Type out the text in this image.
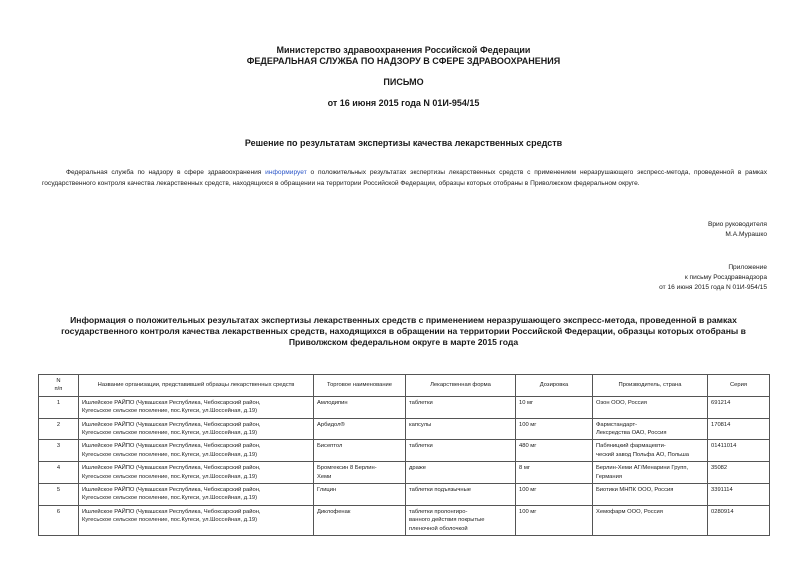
Министерство здравоохранения Российской Федерации
ФЕДЕРАЛЬНАЯ СЛУЖБА ПО НАДЗОРУ В СФЕРЕ ЗДРАВООХРАНЕНИЯ
ПИСЬМО
от 16 июня 2015 года N 01И-954/15
Решение по результатам экспертизы качества лекарственных средств
Федеральная служба по надзору в сфере здравоохранения информирует о положительных результатах экспертизы лекарственных средств с применением неразрушающего экспресс-метода, проведенной в рамках государственного контроля качества лекарственных средств, находящихся в обращении на территории Российской Федерации, образцы которых отобраны в Приволжском федеральном округе.
Врио руководителя
М.А.Мурашко
Приложение
к письму Росздравнадзора
от 16 июня 2015 года N 01И-954/15
Информация о положительных результатах экспертизы лекарственных средств с применением неразрушающего экспресс-метода, проведенной в рамках государственного контроля качества лекарственных средств, находящихся в обращении на территории Российской Федерации, образцы которых отобраны в Приволжском федеральном округе в марте 2015 года
N
п/п	Название организации, представившей образцы лекарственных средств	Торговое наименование	Лекарственная форма	Дозировка	Производитель, страна	Серия
1	Ишлейское РАЙПО (Чувашская Республика, Чебоксарский район,
Кугесьское сельское поселение, пос.Кугеси, ул.Шоссейная, д.19)	Амлодипин	таблетки	10 мг	Озон ООО, Россия	691214
2	Ишлейское РАЙПО (Чувашская Республика, Чебоксарский район,
Кугесьское сельское поселение, пос.Кугеси, ул.Шоссейная, д.19)	Арбидол®	капсулы	100 мг	Фармстандарт-
Лексредства ОАО, Россия	170814
3	Ишлейское РАЙПО (Чувашская Республика, Чебоксарский район,
Кугесьское сельское поселение, пос.Кугеси, ул.Шоссейная, д.19)	Бисептол	таблетки	480 мг	Пабяницкий фармацевти-
ческий завод Польфа АО, Польша	01411014
4	Ишлейское РАЙПО (Чувашская Республика, Чебоксарский район,
Кугесьское сельское поселение, пос.Кугеси, ул.Шоссейная, д.19)	Бромгексин 8 Берлин-
Хеми	драже	8 мг	Берлин-Хеми АГ/Менарини Групп,
Германия	35082
5	Ишлейское РАЙПО (Чувашская Республика, Чебоксарский район,
Кугесьское сельское поселение, пос.Кугеси, ул.Шоссейная, д.19)	Глицин	таблетки подъязычные	100 мг	Биотики МНПК ООО, Россия	3391114
6	Ишлейское РАЙПО (Чувашская Республика, Чебоксарский район,
Кугесьское сельское поселение, пос.Кугеси, ул.Шоссейная, д.19)	Диклофенак	таблетки пролонгиро-
ванного действия покрытые
пленочной оболочкой	100 мг	Хемофарм ООО, Россия	0280914
